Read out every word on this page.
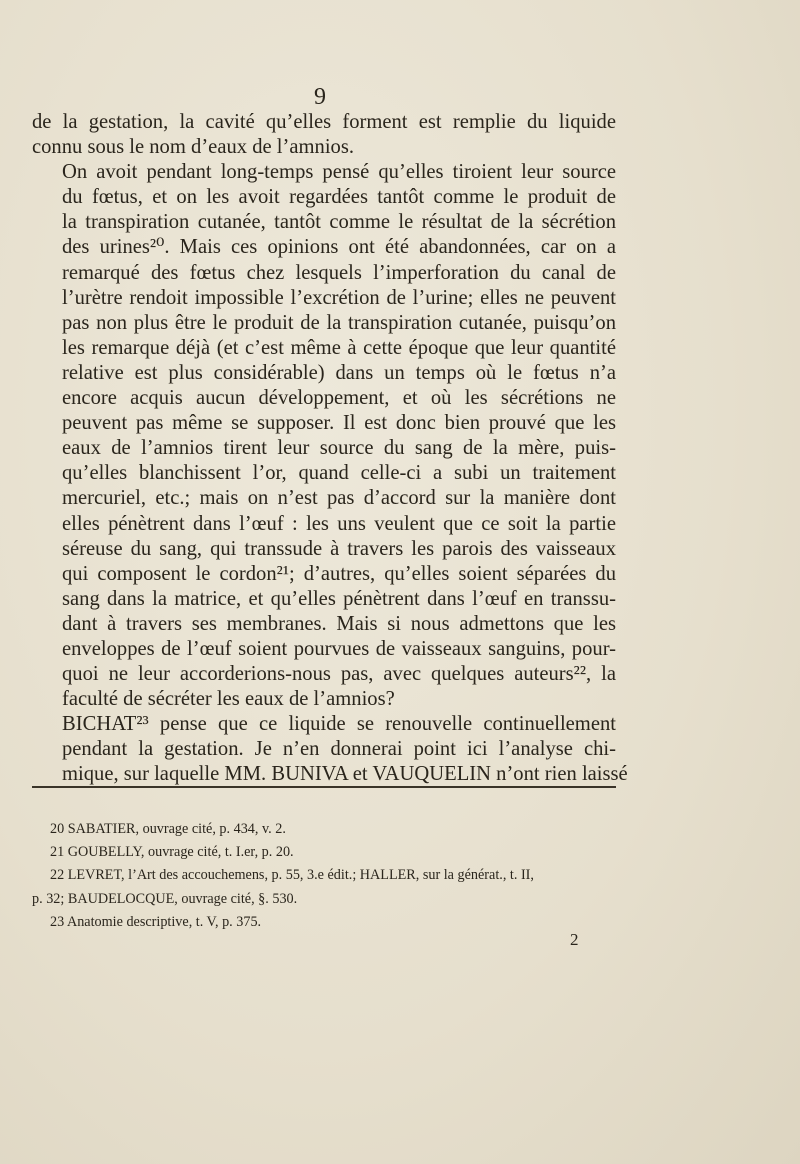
9

de la gestation, la cavité qu’elles forment est remplie du liquide
connu sous le nom d’eaux de l’amnios.

On avoit pendant long-temps pensé qu’elles tiroient leur source
du fœtus, et on les avoit regardées tantôt comme le produit de
la transpiration cutanée, tantôt comme le résultat de la sécrétion
des urines²⁰. Mais ces opinions ont été abandonnées, car on a
remarqué des fœtus chez lesquels l’imperforation du canal de
l’urètre rendoit impossible l’excrétion de l’urine; elles ne peuvent
pas non plus être le produit de la transpiration cutanée, puisqu’on
les remarque déjà (et c’est même à cette époque que leur quantité
relative est plus considérable) dans un temps où le fœtus n’a
encore acquis aucun développement, et où les sécrétions ne
peuvent pas même se supposer. Il est donc bien prouvé que les
eaux de l’amnios tirent leur source du sang de la mère, puis-
qu’elles blanchissent l’or, quand celle-ci a subi un traitement
mercuriel, etc.; mais on n’est pas d’accord sur la manière dont
elles pénètrent dans l’œuf : les uns veulent que ce soit la partie
séreuse du sang, qui transsude à travers les parois des vaisseaux
qui composent le cordon²¹; d’autres, qu’elles soient séparées du
sang dans la matrice, et qu’elles pénètrent dans l’œuf en transsu-
dant à travers ses membranes. Mais si nous admettons que les
enveloppes de l’œuf soient pourvues de vaisseaux sanguins, pour-
quoi ne leur accorderions-nous pas, avec quelques auteurs²², la
faculté de sécréter les eaux de l’amnios?

BICHAT²³ pense que ce liquide se renouvelle continuellement
pendant la gestation. Je n’en donnerai point ici l’analyse chi-
mique, sur laquelle MM. BUNIVA et VAUQUELIN n’ont rien laissé

20 SABATIER, ouvrage cité, p. 434, v. 2.
21 GOUBELLY, ouvrage cité, t. I.er, p. 20.
22 LEVRET, l’Art des accouchemens, p. 55, 3.e édit.; HALLER, sur la générat., t. II,
p. 32; BAUDELOCQUE, ouvrage cité, §. 530.
23 Anatomie descriptive, t. V, p. 375.
2
